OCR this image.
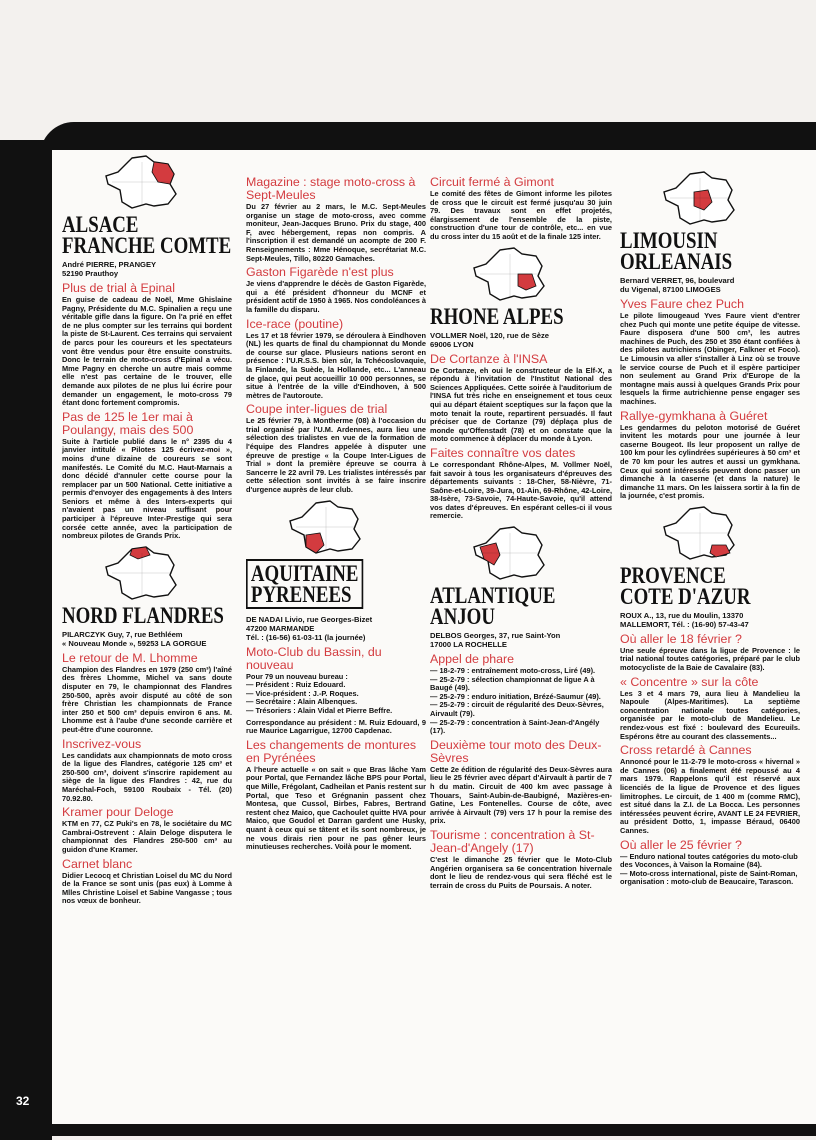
32
ALSACE
FRANCHE COMTE
André PIERRE, PRANGEY
52190 Prauthoy
Plus de trial à Epinal
En guise de cadeau de Noël, Mme Ghislaine Pagny, Présidente du M.C. Spinalien a reçu une véritable gifle dans la figure. On l'a prié en effet de ne plus compter sur les terrains qui bordent la piste de St-Laurent. Ces terrains qui servaient de parcs pour les coureurs et les spectateurs vont être vendus pour être ensuite construits. Donc le terrain de moto-cross d'Epinal a vécu. Mme Pagny en cherche un autre mais comme elle n'est pas certaine de le trouver, elle demande aux pilotes de ne plus lui écrire pour demander un engagement, le moto-cross 79 étant donc fortement compromis.
Pas de 125 le 1er mai à Poulangy, mais des 500
Suite à l'article publié dans le n° 2395 du 4 janvier intitulé « Pilotes 125 écrivez-moi », moins d'une dizaine de coureurs se sont manifestés. Le Comité du M.C. Haut-Marnais a donc décidé d'annuler cette course pour la remplacer par un 500 National. Cette initiative a permis d'envoyer des engagements à des Inters Seniors et même à des Inters-experts qui n'avaient pas un niveau suffisant pour participer à l'épreuve Inter-Prestige qui sera corsée cette année, avec la participation de nombreux pilotes de Grands Prix.
NORD FLANDRES
PILARCZYK Guy, 7, rue Bethléem
« Nouveau Monde », 59253 LA GORGUE
Le retour de M. Lhomme
Champion des Flandres en 1979 (250 cm³) l'aîné des frères Lhomme, Michel va sans doute disputer en 79, le championnat des Flandres 250-500, après avoir disputé au côté de son frère Christian les championnats de France inter 250 et 500 cm³ depuis environ 6 ans. M. Lhomme est à l'aube d'une seconde carrière et peut-être d'une couronne.
Inscrivez-vous
Les candidats aux championnats de moto cross de la ligue des Flandres, catégorie 125 cm³ et 250-500 cm³, doivent s'inscrire rapidement au siège de la ligue des Flandres : 42, rue du Maréchal-Foch, 59100 Roubaix - Tél. (20) 70.92.80.
Kramer pour Deloge
KTM en 77, CZ Puki's en 78, le sociétaire du MC Cambrai-Ostrevent : Alain Deloge disputera le championnat des Flandres 250-500 cm³ au guidon d'une Kramer.
Carnet blanc
Didier Lecocq et Christian Loisel du MC du Nord de la France se sont unis (pas eux) à Lomme à Mlles Christine Loisel et Sabine Vangasse ; tous nos vœux de bonheur.
Magazine : stage moto-cross à Sept-Meules
Du 27 février au 2 mars, le M.C. Sept-Meules organise un stage de moto-cross, avec comme moniteur, Jean-Jacques Bruno. Prix du stage, 400 F, avec hébergement, repas non compris. A l'inscription il est demandé un acompte de 200 F. Renseignements : Mme Hénoque, secrétariat M.C. Sept-Meules, Tillo, 80220 Gamaches.
Gaston Figarède n'est plus
Je viens d'apprendre le décès de Gaston Figarède, qui a été président d'honneur du MCNF et président actif de 1950 à 1965. Nos condoléances à la famille du disparu.
Ice-race (poutine)
Les 17 et 18 février 1979, se déroulera à Eindhoven (NL) les quarts de final du championnat du Monde de course sur glace. Plusieurs nations seront en présence : l'U.R.S.S. bien sûr, la Tchécoslovaquie, la Finlande, la Suède, la Hollande, etc... L'anneau de glace, qui peut accueillir 10 000 personnes, se situe à l'entrée de la ville d'Eindhoven, à 500 mètres de l'autoroute.
Coupe inter-ligues de trial
Le 25 février 79, à Montherme (08) à l'occasion du trial organisé par l'U.M. Ardennes, aura lieu une sélection des trialistes en vue de la formation de l'équipe des Flandres appelée à disputer une épreuve de prestige « la Coupe Inter-Ligues de Trial » dont la première épreuve se courra à Sancerre le 22 avril 79. Les trialistes intéressés par cette sélection sont invités à se faire inscrire d'urgence auprès de leur club.
AQUITAINE
PYRENEES
DE NADAI Livio, rue Georges-Bizet
47200 MARMANDE
Tél. : (16-56) 61-03-11 (la journée)
Moto-Club du Bassin, du nouveau
Pour 79 un nouveau bureau :
— Président : Ruiz Edouard.
— Vice-président : J.-P. Roques.
— Secrétaire : Alain Albenques.
— Trésoriers : Alain Vidal et Pierre Beffre.
Correspondance au président : M. Ruiz Edouard, 9 rue Maurice Lagarrigue, 12700 Capdenac.
Les changements de montures en Pyrénées
A l'heure actuelle « on sait » que Bras lâche Yam pour Portal, que Fernandez lâche BPS pour Portal, que Mille, Frégolant, Cadheilan et Panis restent sur Portal, que Teso et Grégnanin passent chez Montesa, que Cussol, Birbes, Fabres, Bertrand restent chez Maico, que Cachoulet quitte HVA pour Maico, que Goudol et Darran gardent une Husky, quant à ceux qui se tâtent et ils sont nombreux, je ne vous dirais rien pour ne pas gêner leurs minutieuses recherches. Voilà pour le moment.
Circuit fermé à Gimont
Le comité des fêtes de Gimont informe les pilotes de cross que le circuit est fermé jusqu'au 30 juin 79. Des travaux sont en effet projetés, élargissement de l'ensemble de la piste, construction d'une tour de contrôle, etc... en vue du cross inter du 15 août et de la finale 125 inter.
RHONE ALPES
VOLLMER Noël, 120, rue de Sèze
69006 LYON
De Cortanze à l'INSA
De Cortanze, eh oui le constructeur de la Elf-X, a répondu à l'invitation de l'Institut National des Sciences Appliquées. Cette soirée à l'auditorium de l'INSA fut très riche en enseignement et tous ceux qui au départ étaient sceptiques sur la façon que la moto tenait la route, repartirent persuadés. Il faut préciser que de Cortanze (79) déplaça plus de monde qu'Offenstadt (78) et on constate que la moto commence à déplacer du monde à Lyon.
Faites connaître vos dates
Le correspondant Rhône-Alpes, M. Vollmer Noël, fait savoir à tous les organisateurs d'épreuves des départements suivants : 18-Cher, 58-Nièvre, 71-Saône-et-Loire, 39-Jura, 01-Ain, 69-Rhône, 42-Loire, 38-Isère, 73-Savoie, 74-Haute-Savoie, qu'il attend vos dates d'épreuves. En espérant celles-ci il vous remercie.
ATLANTIQUE
ANJOU
DELBOS Georges, 37, rue Saint-Yon
17000 LA ROCHELLE
Appel de phare
— 18-2-79 : entraînement moto-cross, Liré (49).
— 25-2-79 : sélection championnat de ligue A à Baugé (49).
— 25-2-79 : enduro initiation, Brézé-Saumur (49).
— 25-2-79 : circuit de régularité des Deux-Sèvres, Airvault (79).
— 25-2-79 : concentration à Saint-Jean-d'Angély (17).
Deuxième tour moto des Deux-Sèvres
Cette 2e édition de régularité des Deux-Sèvres aura lieu le 25 février avec départ d'Airvault à partir de 7 h du matin. Circuit de 400 km avec passage à Thouars, Saint-Aubin-de-Baubigné, Mazières-en-Gatine, Les Fontenelles. Course de côte, avec arrivée à Airvault (79) vers 17 h pour la remise des prix.
Tourisme : concentration à St-Jean-d'Angely (17)
C'est le dimanche 25 février que le Moto-Club Angérien organisera sa 6e concentration hivernale dont le lieu de rendez-vous qui sera fléché est le terrain de cross du Puits de Poursais. A noter.
LIMOUSIN
ORLEANAIS
Bernard VERRET, 96, boulevard
du Vigenal, 87100 LIMOGES
Yves Faure chez Puch
Le pilote limougeaud Yves Faure vient d'entrer chez Puch qui monte une petite équipe de vitesse. Faure disposera d'une 500 cm³, les autres machines de Puch, des 250 et 350 étant confiées à des pilotes autrichiens (Obinger, Falkner et Foco). Le Limousin va aller s'installer à Linz où se trouve le service course de Puch et il espère participer non seulement au Grand Prix d'Europe de la montagne mais aussi à quelques Grands Prix pour lesquels la firme autrichienne pense engager ses machines.
Rallye-gymkhana à Guéret
Les gendarmes du peloton motorisé de Guéret invitent les motards pour une journée à leur caserne Bougeot. Ils leur proposent un rallye de 100 km pour les cylindrées supérieures à 50 cm³ et de 70 km pour les autres et aussi un gymkhana. Ceux qui sont intéressés peuvent donc passer un dimanche à la caserne (et dans la nature) le dimanche 11 mars. On les laissera sortir à la fin de la journée, c'est promis.
PROVENCE
COTE D'AZUR
ROUX A., 13, rue du Moulin, 13370
MALLEMORT, Tél. : (16-90) 57-43-47
Où aller le 18 février ?
Une seule épreuve dans la ligue de Provence : le trial national toutes catégories, préparé par le club motocycliste de la Baie de Cavalaire (83).
« Concentre » sur la côte
Les 3 et 4 mars 79, aura lieu à Mandelieu la Napoule (Alpes-Maritimes). La septième concentration nationale toutes catégories, organisée par le moto-club de Mandelieu. Le rendez-vous est fixé : boulevard des Ecureuils. Espérons être au courant des classements...
Cross retardé à Cannes
Annoncé pour le 11-2-79 le moto-cross « hivernal » de Cannes (06) a finalement été repoussé au 4 mars 1979. Rappelons qu'il est réservé aux licenciés de la ligue de Provence et des ligues limitrophes. Le circuit, de 1 400 m (comme RMC), est situé dans la Z.I. de La Bocca. Les personnes intéressées peuvent écrire, AVANT LE 24 FEVRIER, au président Dotto, 1, impasse Béraud, 06400 Cannes.
Où aller le 25 février ?
— Enduro national toutes catégories du moto-club des Voconces, à Vaison la Romaine (84).
— Moto-cross international, piste de Saint-Roman, organisation : moto-club de Beaucaire, Tarascon.
